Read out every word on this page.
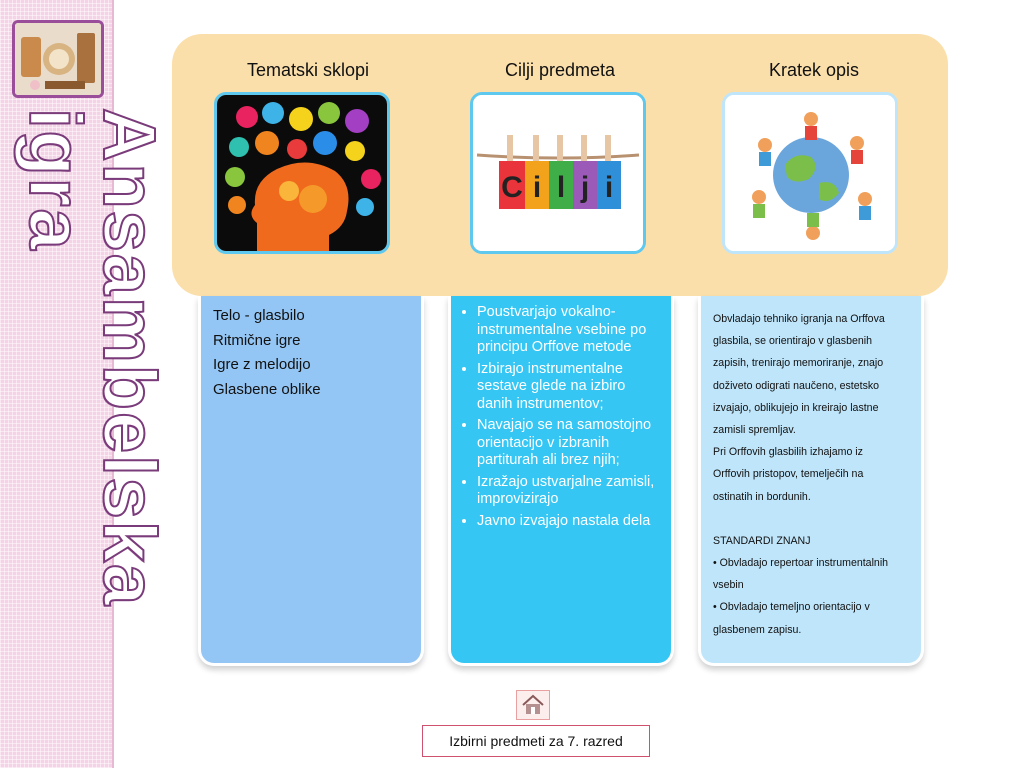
Ansambelska igra
Tematski sklopi	Cilji predmeta	Kratek opis
C i l j i
Telo - glasbilo
Ritmične igre
Igre z melodijo
Glasbene oblike
• Poustvarjajo vokalno-instrumentalne vsebine po principu Orffove metode
• Izbirajo instrumentalne sestave glede na izbiro danih instrumentov;
• Navajajo se na samostojno orientacijo v izbranih partiturah ali brez njih;
• Izražajo ustvarjalne zamisli, improvizirajo
• Javno izvajajo nastala dela
Obvladajo tehniko igranja na Orffova
glasbila, se orientirajo v glasbenih
zapisih, trenirajo memoriranje, znajo
doživeto odigrati naučeno, estetsko
izvajajo, oblikujejo in kreirajo lastne
zamisli spremljav.
Pri Orffovih glasbilih izhajamo iz
Orffovih pristopov, temelječih na
ostinatih in bordunih.
STANDARDI ZNANJ
• Obvladajo repertoar instrumentalnih
vsebin
• Obvladajo temeljno orientacijo v
glasbenem zapisu.
Izbirni predmeti za 7. razred
